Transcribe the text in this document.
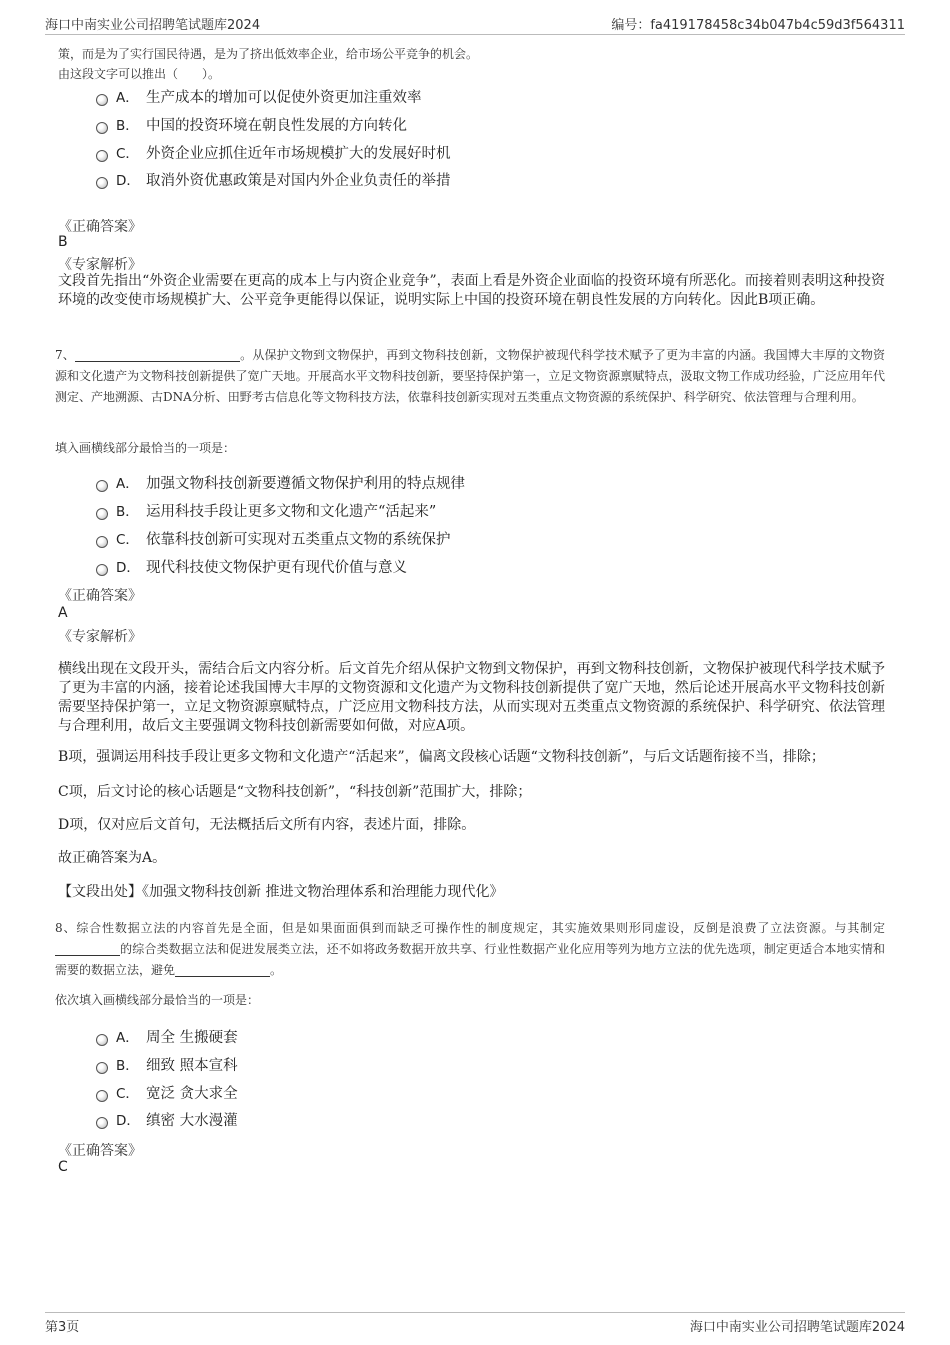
海口中南实业公司招聘笔试题库2024	编号：fa419178458c34b047b4c59d3f564311
策，而是为了实行国民待遇，是为了挤出低效率企业，给市场公平竞争的机会。
由这段文字可以推出（　　）。
A． 生产成本的增加可以促使外资更加注重效率
B． 中国的投资环境在朝良性发展的方向转化
C． 外资企业应抓住近年市场规模扩大的发展好时机
D． 取消外资优惠政策是对国内外企业负责任的举措
《正确答案》
B
《专家解析》
文段首先指出“外资企业需要在更高的成本上与内资企业竞争”，表面上看是外资企业面临的投资环境有所恶化。而接着则表明这种投资环境的改变使市场规模扩大、公平竞争更能得以保证，说明实际上中国的投资环境在朝良性发展的方向转化。因此B项正确。
7、	。从保护文物到文物保护，再到文物科技创新，文物保护被现代科学技术赋予了更为丰富的内涵。我国博大丰厚的文物资源和文化遗产为文物科技创新提供了宽广天地。开展高水平文物科技创新，要坚持保护第一，立足文物资源禀赋特点，汲取文物工作成功经验，广泛应用年代测定、产地溯源、古DNA分析、田野考古信息化等文物科技方法，依靠科技创新实现对五类重点文物资源的系统保护、科学研究、依法管理与合理利用。
填入画横线部分最恰当的一项是：
A． 加强文物科技创新要遵循文物保护利用的特点规律
B． 运用科技手段让更多文物和文化遗产“活起来”
C． 依靠科技创新可实现对五类重点文物的系统保护
D． 现代科技使文物保护更有现代价值与意义
《正确答案》
A
《专家解析》
横线出现在文段开头，需结合后文内容分析。后文首先介绍从保护文物到文物保护，再到文物科技创新，文物保护被现代科学技术赋予了更为丰富的内涵，接着论述我国博大丰厚的文物资源和文化遗产为文物科技创新提供了宽广天地，然后论述开展高水平文物科技创新需要坚持保护第一，立足文物资源禀赋特点，广泛应用文物科技方法，从而实现对五类重点文物资源的系统保护、科学研究、依法管理与合理利用，故后文主要强调文物科技创新需要如何做，对应A项。
B项，强调运用科技手段让更多文物和文化遗产“活起来”，偏离文段核心话题“文物科技创新”，与后文话题衔接不当，排除；
C项，后文讨论的核心话题是“文物科技创新”，“科技创新”范围扩大，排除；
D项，仅对应后文首句，无法概括后文所有内容，表述片面，排除。
故正确答案为A。
【文段出处】《加强文物科技创新 推进文物治理体系和治理能力现代化》
8、综合性数据立法的内容首先是全面，但是如果面面俱到而缺乏可操作性的制度规定，其实施效果则形同虚设，反倒是浪费了立法资源。与其制定的综合类数据立法和促进发展类立法，还不如将政务数据开放共享、行业性数据产业化应用等列为地方立法的优先选项，制定更适合本地实情和需要的数据立法，避免	。
依次填入画横线部分最恰当的一项是：
A． 周全 生搬硬套
B． 细致 照本宣科
C． 宽泛 贪大求全
D． 缜密 大水漫灌
《正确答案》
C
第3页	海口中南实业公司招聘笔试题库2024
